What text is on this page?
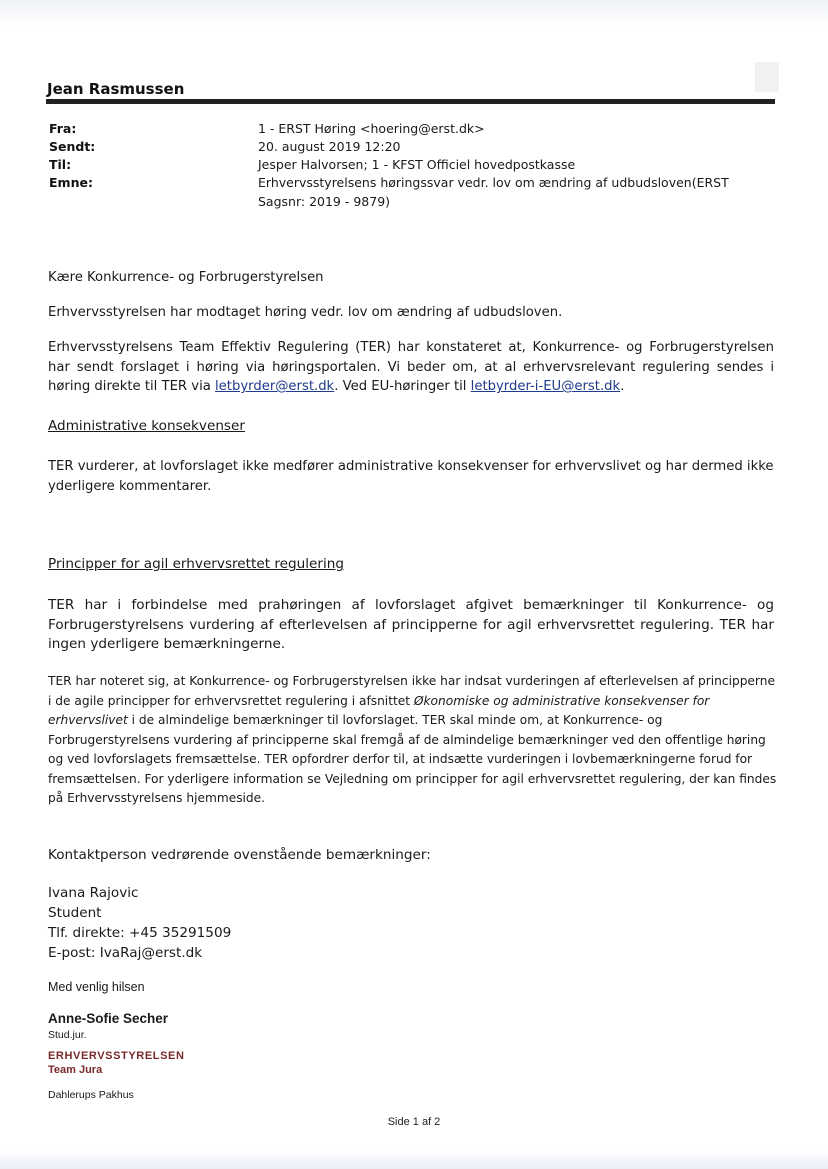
Jean Rasmussen
Fra:	1 - ERST Høring <hoering@erst.dk>
Sendt:	20. august 2019 12:20
Til:	Jesper Halvorsen; 1 - KFST Officiel hovedpostkasse
Emne:	Erhvervsstyrelsens høringssvar vedr. lov om ændring af udbudsloven(ERST Sagsnr: 2019 - 9879)
Kære Konkurrence- og Forbrugerstyrelsen
Erhvervsstyrelsen har modtaget høring vedr. lov om ændring af udbudsloven.
Erhvervsstyrelsens Team Effektiv Regulering (TER) har konstateret at, Konkurrence- og Forbrugerstyrelsen har sendt forslaget i høring via høringsportalen. Vi beder om, at al erhvervsrelevant regulering sendes i høring direkte til TER via letbyrder@erst.dk. Ved EU-høringer til letbyrder-i-EU@erst.dk.
Administrative konsekvenser
TER vurderer, at lovforslaget ikke medfører administrative konsekvenser for erhvervslivet og har dermed ikke yderligere kommentarer.
Principper for agil erhvervsrettet regulering
TER har i forbindelse med prahøringen af lovforslaget afgivet bemærkninger til Konkurrence- og Forbrugerstyrelsens vurdering af efterlevelsen af principperne for agil erhvervsrettet regulering. TER har ingen yderligere bemærkningerne.
TER har noteret sig, at Konkurrence- og Forbrugerstyrelsen ikke har indsat vurderingen af efterlevelsen af principperne i de agile principper for erhvervsrettet regulering i afsnittet Økonomiske og administrative konsekvenser for erhvervslivet i de almindelige bemærkninger til lovforslaget. TER skal minde om, at Konkurrence- og Forbrugerstyrelsens vurdering af principperne skal fremgå af de almindelige bemærkninger ved den offentlige høring og ved lovforslagets fremsættelse. TER opfordrer derfor til, at indsætte vurderingen i lovbemærkningerne forud for fremsættelsen. For yderligere information se Vejledning om principper for agil erhvervsrettet regulering, der kan findes på Erhvervsstyrelsens hjemmeside.
Kontaktperson vedrørende ovenstående bemærkninger:
Ivana Rajovic
Student
Tlf. direkte: +45 35291509
E-post: IvaRaj@erst.dk
Med venlig hilsen
Anne-Sofie Secher
Stud.jur.
ERHVERVSSTYRELSEN
Team Jura
Dahlerups Pakhus
Side 1 af 2
